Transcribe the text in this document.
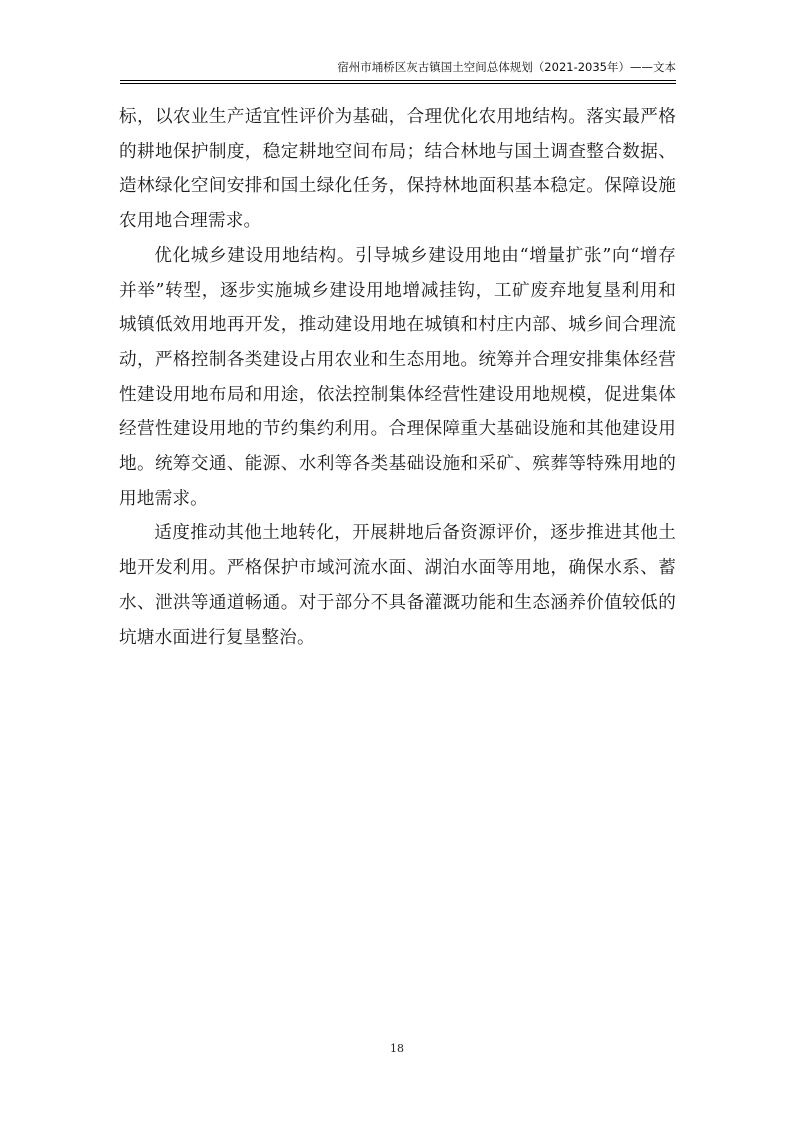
宿州市埇桥区灰古镇国土空间总体规划（2021-2035年）——文本

标，以农业生产适宜性评价为基础，合理优化农用地结构。落实最严格的耕地保护制度，稳定耕地空间布局；结合林地与国土调查整合数据、造林绿化空间安排和国土绿化任务，保持林地面积基本稳定。保障设施农用地合理需求。

优化城乡建设用地结构。引导城乡建设用地由“增量扩张”向“增存并举”转型，逐步实施城乡建设用地增减挂钩，工矿废弃地复垦利用和城镇低效用地再开发，推动建设用地在城镇和村庄内部、城乡间合理流动，严格控制各类建设占用农业和生态用地。统筹并合理安排集体经营性建设用地布局和用途，依法控制集体经营性建设用地规模，促进集体经营性建设用地的节约集约利用。合理保障重大基础设施和其他建设用地。统筹交通、能源、水利等各类基础设施和采矿、殡葬等特殊用地的用地需求。

适度推动其他土地转化，开展耕地后备资源评价，逐步推进其他土地开发利用。严格保护市域河流水面、湖泊水面等用地，确保水系、蓄水、泄洪等通道畅通。对于部分不具备灌溉功能和生态涵养价值较低的坑塘水面进行复垦整治。

18
